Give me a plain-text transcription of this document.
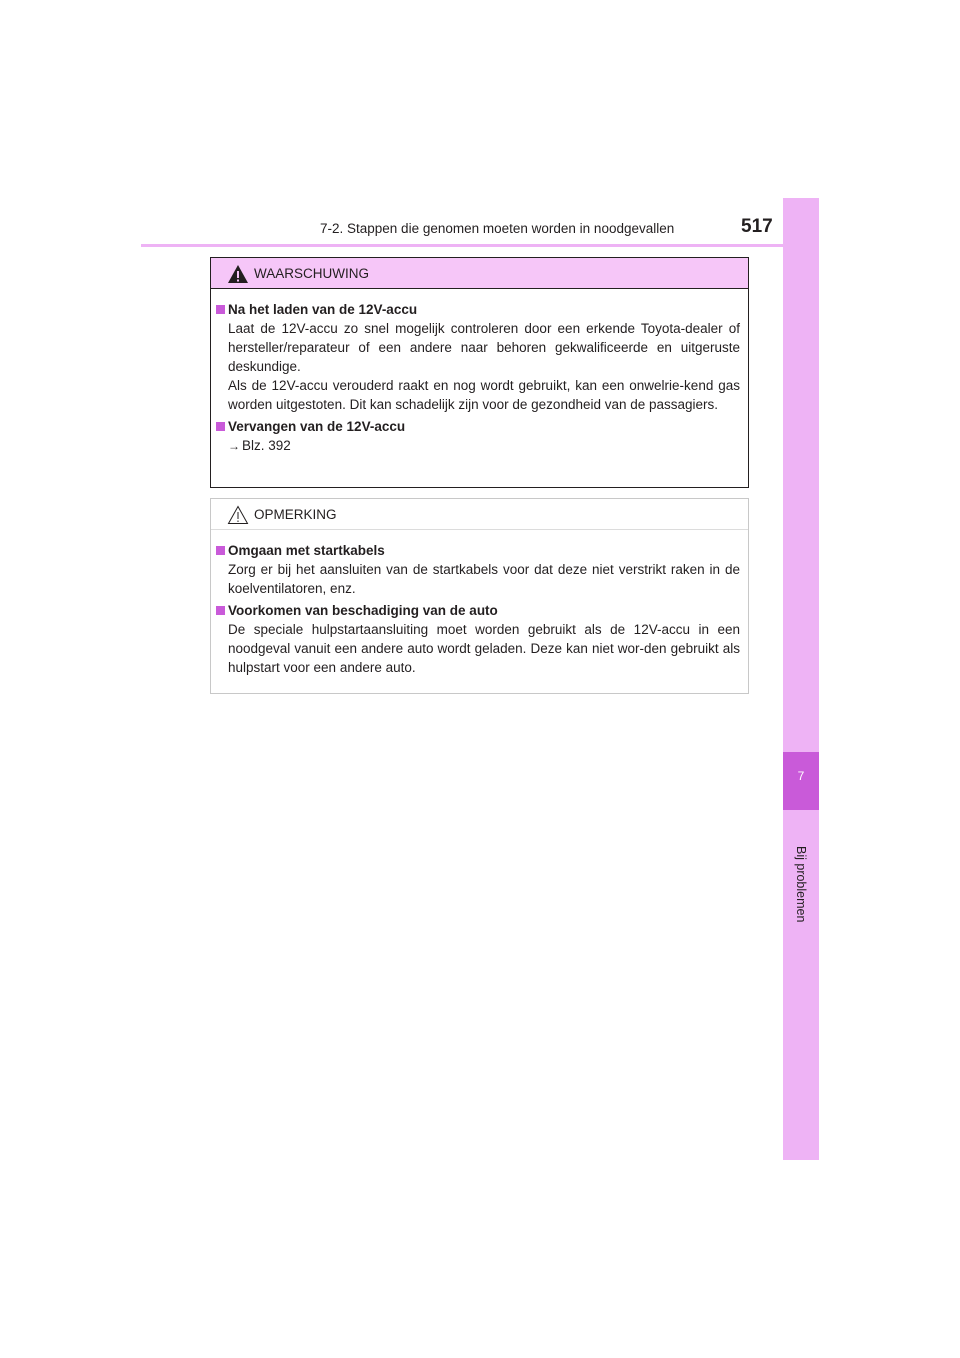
7
Bij problemen
7-2. Stappen die genomen moeten worden in noodgevallen	517
WAARSCHUWING
Na het laden van de 12V-accu

Laat de 12V-accu zo snel mogelijk controleren door een erkende Toyota-dealer of hersteller/reparateur of een andere naar behoren gekwalificeerde en uitgeruste deskundige.

Als de 12V-accu verouderd raakt en nog wordt gebruikt, kan een onwelrie-kend gas worden uitgestoten. Dit kan schadelijk zijn voor de gezondheid van de passagiers.

Vervangen van de 12V-accu
→ Blz. 392
OPMERKING
Omgaan met startkabels

Zorg er bij het aansluiten van de startkabels voor dat deze niet verstrikt raken in de koelventilatoren, enz.

Voorkomen van beschadiging van de auto

De speciale hulpstartaansluiting moet worden gebruikt als de 12V-accu in een noodgeval vanuit een andere auto wordt geladen. Deze kan niet wor-den gebruikt als hulpstart voor een andere auto.
